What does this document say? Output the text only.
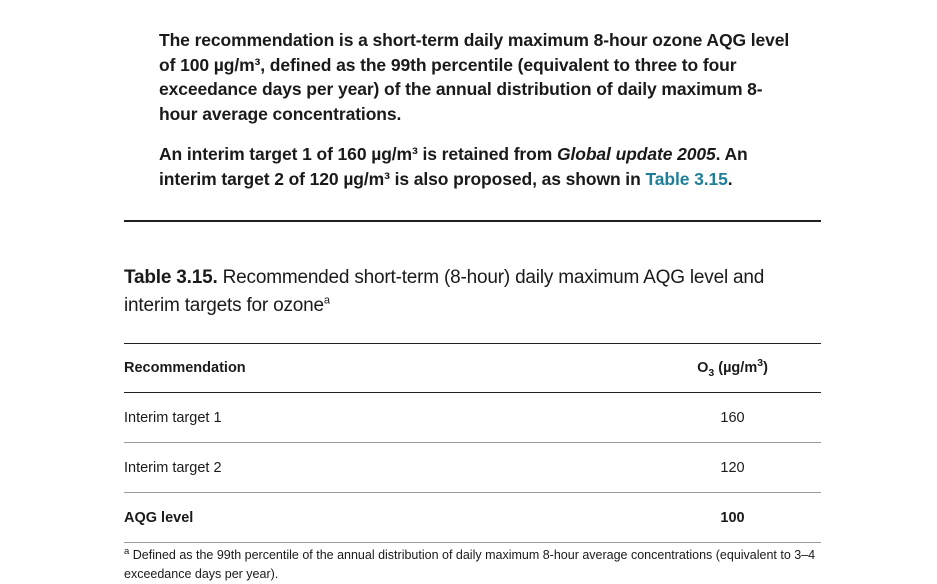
The recommendation is a short-term daily maximum 8-hour ozone AQG level of 100 µg/m³, defined as the 99th percentile (equivalent to three to four exceedance days per year) of the annual distribution of daily maximum 8-hour average concentrations.

An interim target 1 of 160 µg/m³ is retained from Global update 2005. An interim target 2 of 120 µg/m³ is also proposed, as shown in Table 3.15.

Table 3.15. Recommended short-term (8-hour) daily maximum AQG level and interim targets for ozone$^a$
Recommendation	$O_3$ $(\mu g/m^3)$
Interim target 1	160
Interim target 2	120
AQG level	100
$^a$ Defined as the 99th percentile of the annual distribution of daily maximum 8-hour average concentrations (equivalent to 3–4 exceedance days per year).
